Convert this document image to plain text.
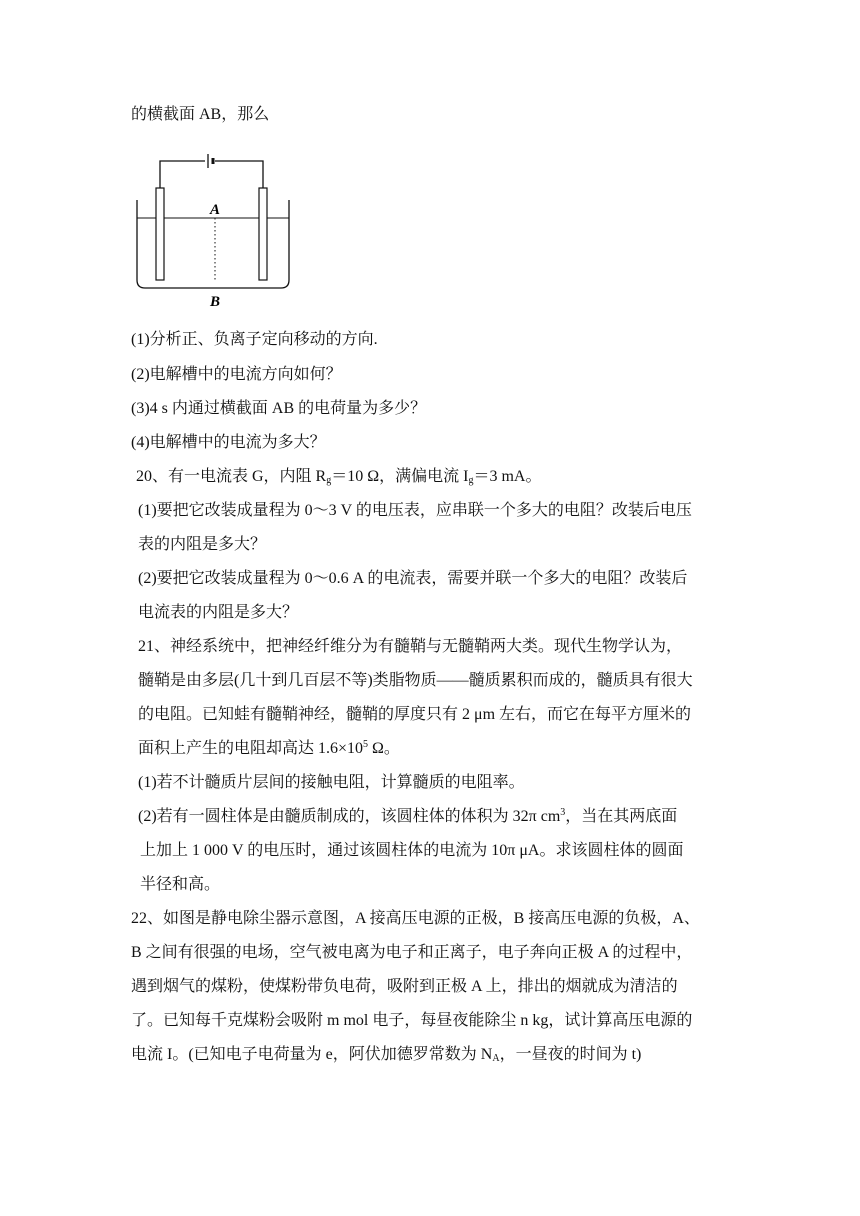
的横截面 AB，那么
A
B
(1)分析正、负离子定向移动的方向.
(2)电解槽中的电流方向如何？
(3)4 s 内通过横截面 AB 的电荷量为多少？
(4)电解槽中的电流为多大？
20、有一电流表 G，内阻 $R_g=10$ Ω，满偏电流 $I_g=3$ mA。
(1)要把它改装成量程为 0～3 V 的电压表，应串联一个多大的电阻？改装后电压
表的内阻是多大？
(2)要把它改装成量程为 0～0.6 A 的电流表，需要并联一个多大的电阻？改装后
电流表的内阻是多大？
21、神经系统中，把神经纤维分为有髓鞘与无髓鞘两大类。现代生物学认为，
髓鞘是由多层(几十到几百层不等)类脂物质——髓质累积而成的，髓质具有很大
的电阻。已知蛙有髓鞘神经，髓鞘的厚度只有 2 μm 左右，而它在每平方厘米的
面积上产生的电阻却高达 $1.6\times 10^5$ Ω。
(1)若不计髓质片层间的接触电阻，计算髓质的电阻率。
(2)若有一圆柱体是由髓质制成的，该圆柱体的体积为 32π $cm^3$，当在其两底面
上加上 1 000 V 的电压时，通过该圆柱体的电流为 10π μA。求该圆柱体的圆面
半径和高。
22、如图是静电除尘器示意图，A 接高压电源的正极，B 接高压电源的负极，A、
B 之间有很强的电场，空气被电离为电子和正离子，电子奔向正极 A 的过程中，
遇到烟气的煤粉，使煤粉带负电荷，吸附到正极 A 上，排出的烟就成为清洁的
了。已知每千克煤粉会吸附 m mol 电子，每昼夜能除尘 n kg，试计算高压电源的
电流 I。(已知电子电荷量为 e，阿伏加德罗常数为 $N_A$，一昼夜的时间为 t)
